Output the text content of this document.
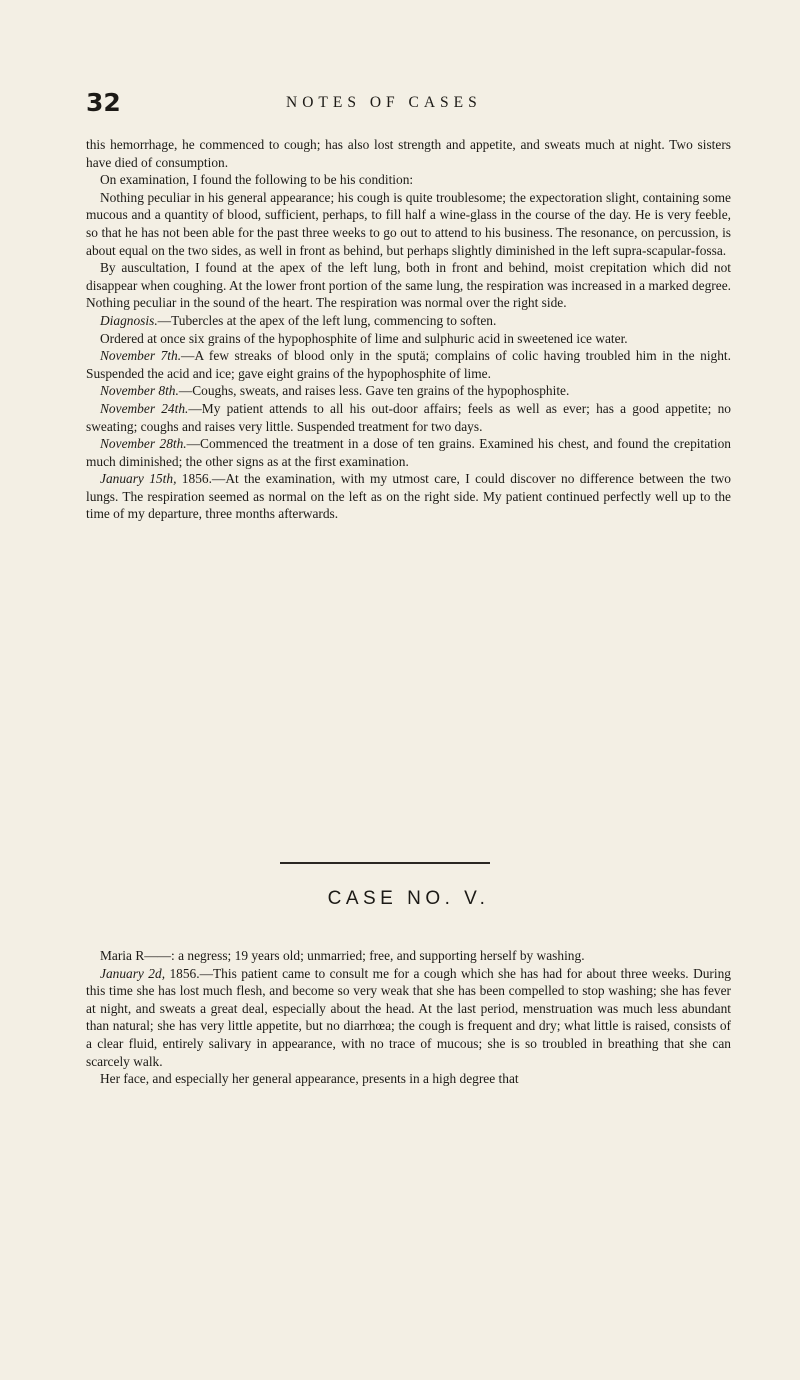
32	NOTES OF CASES

this hemorrhage, he commenced to cough; has also lost strength and appetite, and sweats much at night. Two sisters have died of consumption.

On examination, I found the following to be his condition:

Nothing peculiar in his general appearance; his cough is quite troublesome; the expectoration slight, containing some mucous and a quantity of blood, sufficient, perhaps, to fill half a wine-glass in the course of the day. He is very feeble, so that he has not been able for the past three weeks to go out to attend to his business. The resonance, on percussion, is about equal on the two sides, as well in front as behind, but perhaps slightly diminished in the left supra-scapular-fossa.

By auscultation, I found at the apex of the left lung, both in front and behind, moist crepitation which did not disappear when coughing. At the lower front portion of the same lung, the respiration was increased in a marked degree. Nothing peculiar in the sound of the heart. The respiration was normal over the right side.

Diagnosis.—Tubercles at the apex of the left lung, commencing to soften.

Ordered at once six grains of the hypophosphite of lime and sulphuric acid in sweetened ice water.

November 7th.—A few streaks of blood only in the sputä; complains of colic having troubled him in the night. Suspended the acid and ice; gave eight grains of the hypophosphite of lime.

November 8th.—Coughs, sweats, and raises less. Gave ten grains of the hypophosphite.

November 24th.—My patient attends to all his out-door affairs; feels as well as ever; has a good appetite; no sweating; coughs and raises very little. Suspended treatment for two days.

November 28th.—Commenced the treatment in a dose of ten grains. Examined his chest, and found the crepitation much diminished; the other signs as at the first examination.

January 15th, 1856.—At the examination, with my utmost care, I could discover no difference between the two lungs. The respiration seemed as normal on the left as on the right side. My patient continued perfectly well up to the time of my departure, three months afterwards.

CASE NO. V.

Maria R——: a negress; 19 years old; unmarried; free, and supporting herself by washing.

January 2d, 1856.—This patient came to consult me for a cough which she has had for about three weeks. During this time she has lost much flesh, and become so very weak that she has been compelled to stop washing; she has fever at night, and sweats a great deal, especially about the head. At the last period, menstruation was much less abundant than natural; she has very little appetite, but no diarrhœa; the cough is frequent and dry; what little is raised, consists of a clear fluid, entirely salivary in appearance, with no trace of mucous; she is so troubled in breathing that she can scarcely walk.

Her face, and especially her general appearance, presents in a high degree that
